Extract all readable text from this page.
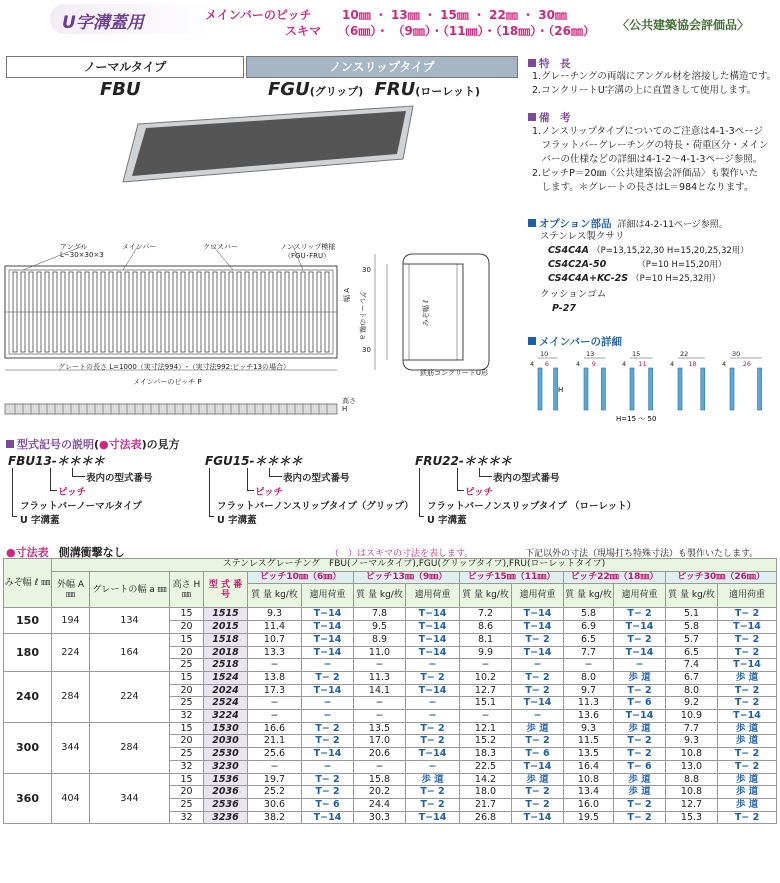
U字溝蓋用	メインバーのピッチ	10㎜ ・ 13㎜ ・ 15㎜ ・ 22㎜ ・ 30㎜
スキマ （6㎜）・ （9㎜）・（11㎜）・（18㎜）・（26㎜） 〈公共建築協会評価品〉
ノーマルタイプ	ノンスリップタイプ
FBU	FGU(グリップ) FRU(ローレット)
特　長
1.グレーチングの両端にアングル材を溶接した構造です。
2.コンクリートU字溝の上に直置きして使用します。
備　考
1.ノンスリップタイプについてのご注意は4-1-3ページ
　フラットバーグレーチングの特長・荷重区分・メイン
　バーの仕様などの詳細は4-1-2～4-1-3ページ参照。
2.ピッチP＝20㎜〈公共建築協会評価品〉も製作いた
　します。＊グレートの長さはL＝984となります。
オプション部品 詳細は4-2-11ページ参照。
ステンレス製クサリ
CS4C4A （P=13,15,22,30 H=15,20,25,32用）
CS4C2A-50	（P=10 H=15,20用）
CS4C4A+KC-2S （P=10 H=25,32用）
クッションゴム
P-27
メインバーの詳細
10
6
4
13
9
4
15
11
4
22
18
4
30
26
4
H=15 ～ 50
H
アングル
L−30×30×3
メインバー	クロスバー	ノンスリップ模様
（FGU･FRU）
グレートの長さ L=1000（実寸法994）･（実寸法992:ピッチ13の場合）
メインバーのピッチ P
高さH
幅 A グレートの幅 a	みぞ幅 ℓ
30
30
鉄筋コンクリートU形
型式記号の説明(●寸法表)の見方
FBU13-＊＊＊＊
表内の型式番号
ピッチ
フラットバーノーマルタイプ
U 字溝蓋
FGU15-＊＊＊＊
表内の型式番号
ピッチ
フラットバーノンスリップタイプ（グリップ）
U 字溝蓋
FRU22-＊＊＊＊
表内の型式番号
ピッチ
フラットバーノンスリップタイプ （ローレット）
U 字溝蓋
●寸法表 側溝衝撃なし	（　）はスキマの寸法を表します。	下記以外の寸法（現場打ち特殊寸法）も製作いたします。
みぞ幅 ℓ ㎜	ステンレスグレーチング　FBU(ノーマルタイプ),FGU(グリップタイプ),FRU(ローレットタイプ)													
	外幅 A ㎜	グレートの幅 a ㎜	高さ H ㎜	型 式 番 号	ピッチ10㎜（6㎜）		ピッチ13㎜（9㎜）		ピッチ15㎜（11㎜）		ピッチ22㎜（18㎜）		ピッチ30㎜（26㎜）	
					質 量 kg/枚	適用荷重	質 量 kg/枚	適用荷重	質 量 kg/枚	適用荷重	質 量 kg/枚	適用荷重	質 量 kg/枚	適用荷重
150	194	134	15	1515	9.3	T−14	7.8	T−14	7.2	T−14	5.8	T− 2	5.1	T− 2
			20	2015	11.4	T−14	9.5	T−14	8.6	T−14	6.9	T−14	5.8	T−14
180	224	164	15	1518	10.7	T−14	8.9	T−14	8.1	T− 2	6.5	T− 2	5.7	T− 2
			20	2018	13.3	T−14	11.0	T−14	9.9	T−14	7.7	T−14	6.5	T− 2
			25	2518	−	−	−	−	−	−	−	−	7.4	T−14
240	284	224	15	1524	13.8	T− 2	11.3	T− 2	10.2	T− 2	8.0	歩 道	6.7	歩 道
			20	2024	17.3	T−14	14.1	T−14	12.7	T− 2	9.7	T− 2	8.0	T− 2
			25	2524	−	−	−	−	15.1	T−14	11.3	T− 6	9.2	T− 2
			32	3224	−	−	−	−	−	−	13.6	T−14	10.9	T−14
300	344	284	15	1530	16.6	T− 2	13.5	T− 2	12.1	歩 道	9.3	歩 道	7.7	歩 道
			20	2030	21.1	T− 2	17.0	T− 2	15.2	T− 2	11.5	T− 2	9.3	歩 道
			25	2530	25.6	T−14	20.6	T−14	18.3	T− 6	13.5	T− 2	10.8	T− 2
			32	3230	−	−	−	−	22.5	T−14	16.4	T− 6	13.0	T− 2
360	404	344	15	1536	19.7	T− 2	15.8	歩 道	14.2	歩 道	10.8	歩 道	8.8	歩 道
			20	2036	25.2	T− 2	20.2	T− 2	18.0	T− 2	13.4	歩 道	10.8	歩 道
			25	2536	30.6	T− 6	24.4	T− 2	21.7	T− 2	16.0	T− 2	12.7	歩 道
			32	3236	38.2	T−14	30.3	T−14	26.8	T−14	19.5	T− 2	15.3	T− 2
